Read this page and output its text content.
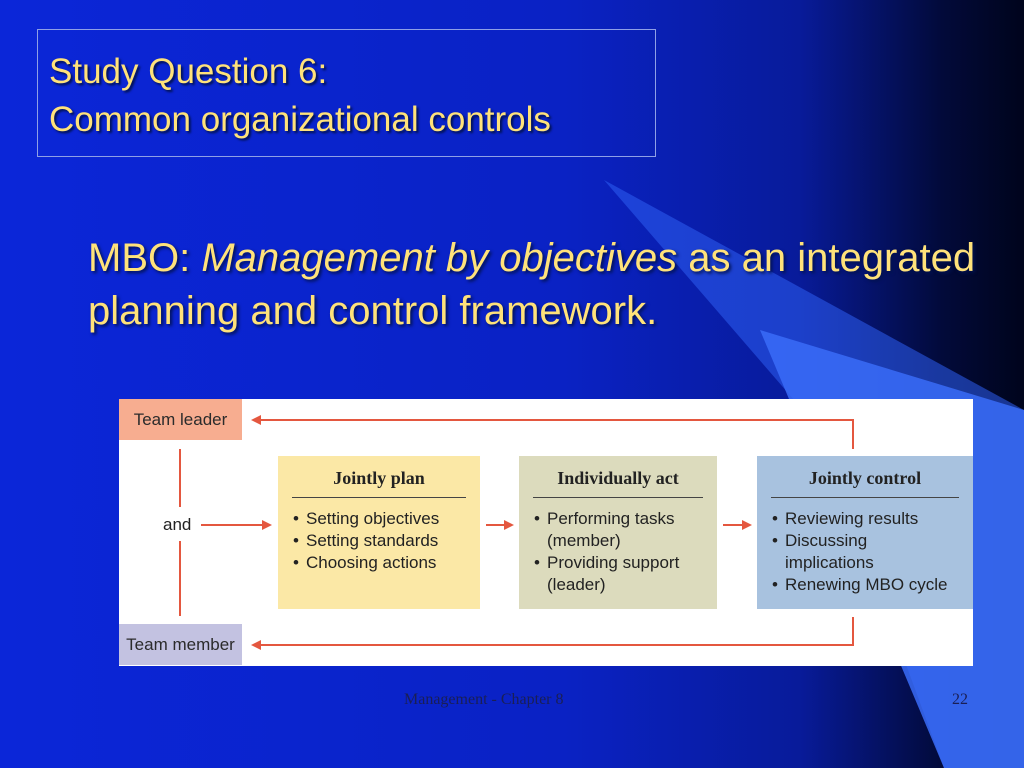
Study Question 6:
Common organizational controls
MBO: Management by objectives as an integrated planning and control framework.
Team leader
and
Team member
Jointly plan
• Setting objectives
• Setting standards
• Choosing actions
Individually act
• Performing tasks
(member)
• Providing support
(leader)
Jointly control
• Reviewing results
• Discussing implications
• Renewing MBO cycle
Management - Chapter 8	22
